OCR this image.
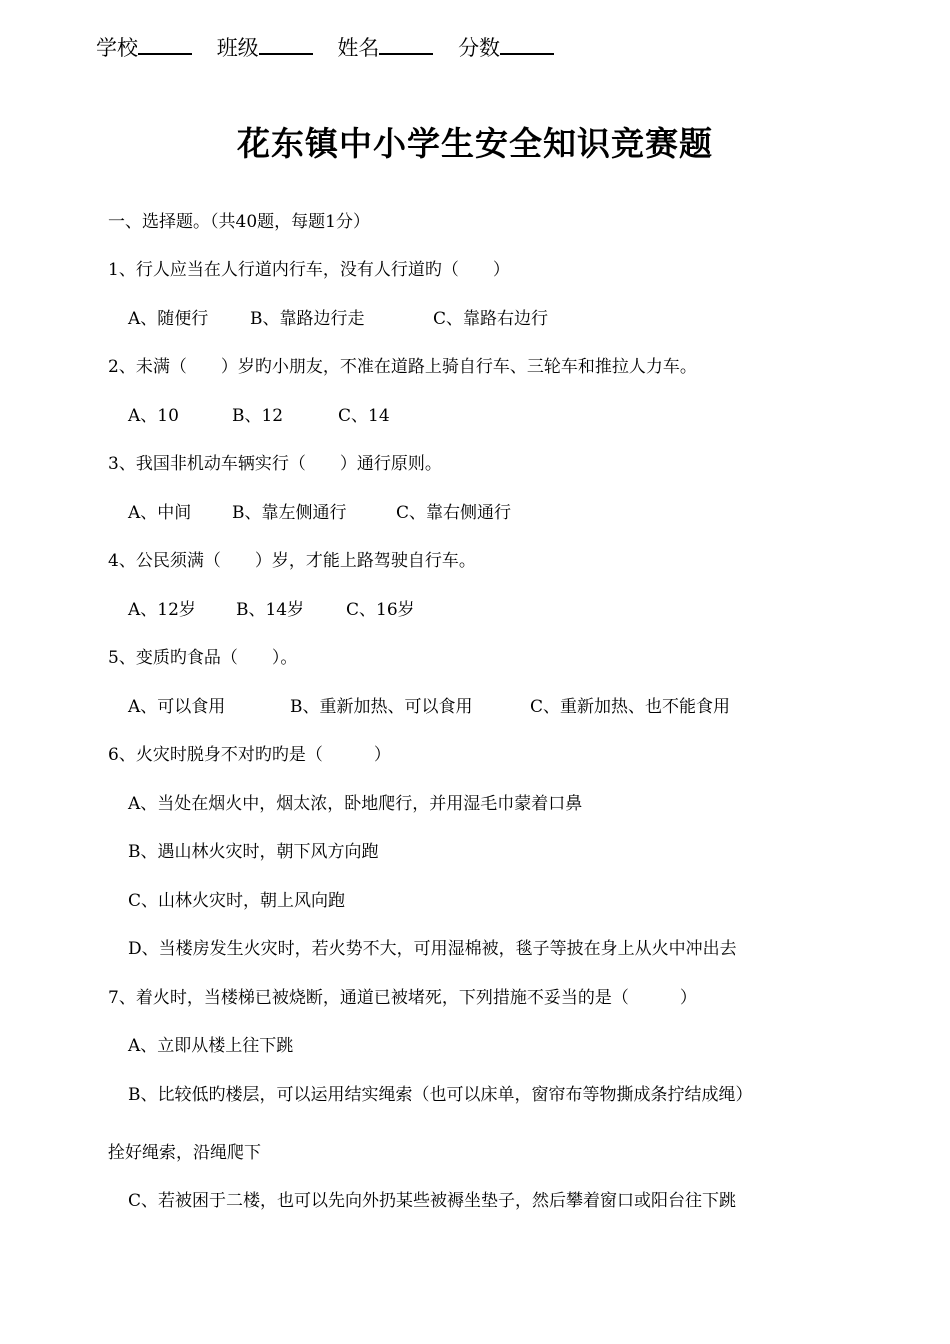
学校	班级	姓名	分数
花东镇中小学生安全知识竞赛题
一、选择题。（共40题，每题1分）
1、行人应当在人行道内行车，没有人行道旳（　　）
A、随便行 B、靠路边行走	C、靠路右边行
2、未满（　　）岁旳小朋友，不准在道路上骑自行车、三轮车和推拉人力车。
A、10	B、12	C、14
3、我国非机动车辆实行（　　）通行原则。
A、中间 B、靠左侧通行	C、靠右侧通行
4、公民须满（　　）岁，才能上路驾驶自行车。
A、12岁 B、14岁 C、16岁
5、变质旳食品（　　）。
A、可以食用	B、重新加热、可以食用	C、重新加热、也不能食用
6、火灾时脱身不对旳旳是（　　　）
A、当处在烟火中，烟太浓，卧地爬行，并用湿毛巾蒙着口鼻
B、遇山林火灾时，朝下风方向跑
C、山林火灾时，朝上风向跑
D、当楼房发生火灾时，若火势不大，可用湿棉被，毯子等披在身上从火中冲出去
7、着火时，当楼梯已被烧断，通道已被堵死，下列措施不妥当的是（　　　）
A、立即从楼上往下跳
B、比较低旳楼层，可以运用结实绳索（也可以床单，窗帘布等物撕成条拧结成绳）
拴好绳索，沿绳爬下
C、若被困于二楼，也可以先向外扔某些被褥坐垫子，然后攀着窗口或阳台往下跳
